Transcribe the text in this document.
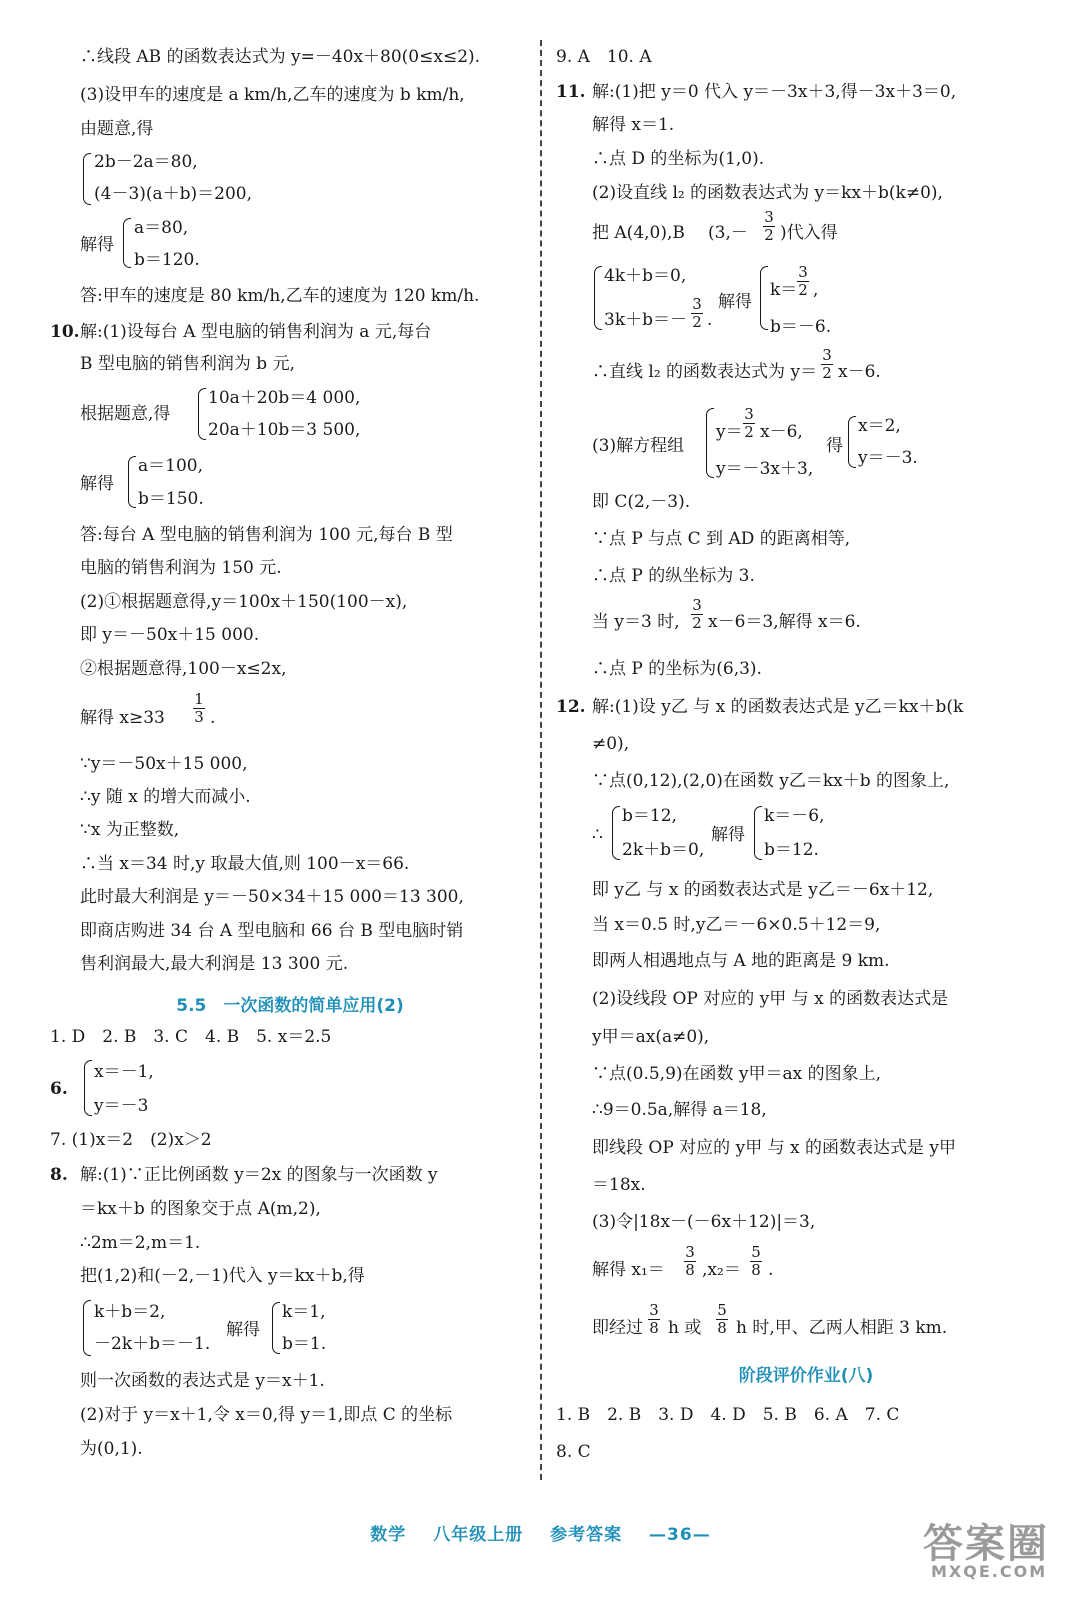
∴线段 AB 的函数表达式为 y=－40x＋80(0≤x≤2).
(3)设甲车的速度是 a km/h,乙车的速度为 b km/h,
由题意,得
2b－2a＝80,
(4－3)(a＋b)＝200,
解得
a＝80,
b＝120.
答:甲车的速度是 80 km/h,乙车的速度为 120 km/h.
10. 解:(1)设每台 A 型电脑的销售利润为 a 元,每台
B 型电脑的销售利润为 b 元,
根据题意,得
10a＋20b＝4 000,
20a＋10b＝3 500,
解得
a＝100,
b＝150.
答:每台 A 型电脑的销售利润为 100 元,每台 B 型
电脑的销售利润为 150 元.
(2)①根据题意得,y＝100x＋150(100－x),
即 y＝－50x＋15 000.
②根据题意得,100－x≤2x,
解得 $x\ge 33 \frac{1}{3}$ .
∵y＝－50x＋15 000,
∴y 随 x 的增大而减小.
∵x 为正整数,
∴当 x＝34 时,y 取最大值,则 100－x＝66.
此时最大利润是 y＝－50×34＋15 000＝13 300,
即商店购进 34 台 A 型电脑和 66 台 B 型电脑时销
售利润最大,最大利润是 13 300 元.
5.5　一次函数的简单应用(2)
1. D　2. B　3. C　4. B　5. x＝2.5
6.
x＝－1,
y＝－3
7. (1)x＝2　(2)x＞2
8. 解:(1)∵正比例函数 y＝2x 的图象与一次函数 y
＝kx＋b 的图象交于点 A(m,2),
∴2m＝2,m＝1.
把(1,2)和(－2,－1)代入 y＝kx＋b,得
k＋b＝2,
－2k＋b＝－1.
解得
k＝1,
b＝1.
则一次函数的表达式是 y＝x＋1.
(2)对于 y＝x＋1,令 x＝0,得 y＝1,即点 C 的坐标
为(0,1).
9. A　10. A
11. 解:(1)把 y＝0 代入 y＝－3x＋3,得－3x＋3＝0,
解得 x＝1.
∴点 D 的坐标为(1,0).
(2)设直线 l₂ 的函数表达式为 y＝kx＋b(k≠0),
把 A(4,0),B ($3,- \frac{3}{2}$ )代入得
4k＋b＝0,
$3k+b=- \frac{3}{2}$ .
解得
$k= \frac{3}{2}$ ,
b＝－6.
∴直线 l₂ 的函数表达式为 $y= \frac{3}{2} x-6$.
(3)解方程组
$y= \frac{3}{2} x-6$,
y＝－3x＋3,
得
x＝2,
y＝－3.
即 C(2,－3).
∵点 P 与点 C 到 AD 的距离相等,
∴点 P 的纵坐标为 3.
当 y＝3 时, $\frac{3}{2} x-6=3$,解得 x＝6.
∴点 P 的坐标为(6,3).
12. 解:(1)设 y乙 与 x 的函数表达式是 y乙＝kx＋b(k
≠0),
∵点(0,12),(2,0)在函数 y乙＝kx＋b 的图象上,
∴
b＝12,
2k＋b＝0,
解得
k＝－6,
b＝12.
即 y乙 与 x 的函数表达式是 y乙＝－6x＋12,
当 x＝0.5 时,y乙＝－6×0.5＋12＝9,
即两人相遇地点与 A 地的距离是 9 km.
(2)设线段 OP 对应的 y甲 与 x 的函数表达式是
y甲＝ax(a≠0),
∵点(0.5,9)在函数 y甲＝ax 的图象上,
∴9＝0.5a,解得 a＝18,
即线段 OP 对应的 y甲 与 x 的函数表达式是 y甲
＝18x.
(3)令|18x－(－6x＋12)|＝3,
解得 $x_1= \frac{3}{8} ,x_2= \frac{5}{8}$ .
即经过 $\frac{3}{8}$ h 或 $\frac{5}{8}$ h 时,甲、乙两人相距 3 km.
阶段评价作业(八)
1. B　2. B　3. D　4. D　5. B　6. A　7. C
8. C
数学 八年级上册 参考答案 —36—	答案圈
MXQE.COM
